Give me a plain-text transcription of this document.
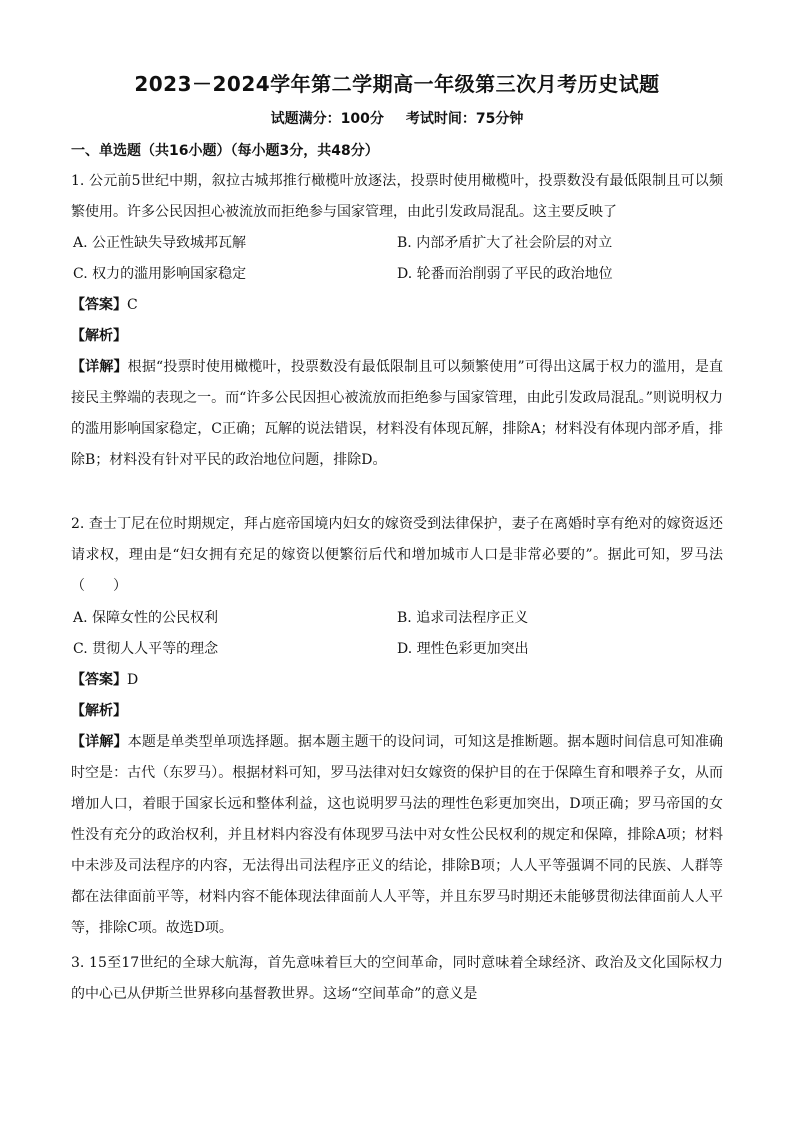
2023－2024学年第二学期高一年级第三次月考历史试题
试题满分：100分 考试时间：75分钟
一、单选题（共16小题）（每小题3分，共48分）
1. 公元前5世纪中期，叙拉古城邦推行橄榄叶放逐法，投票时使用橄榄叶，投票数没有最低限制且可以频繁使用。许多公民因担心被流放而拒绝参与国家管理，由此引发政局混乱。这主要反映了
A. 公正性缺失导致城邦瓦解	B. 内部矛盾扩大了社会阶层的对立
C. 权力的滥用影响国家稳定	D. 轮番而治削弱了平民的政治地位
【答案】C
【解析】
【详解】根据“投票时使用橄榄叶，投票数没有最低限制且可以频繁使用”可得出这属于权力的滥用，是直接民主弊端的表现之一。而“许多公民因担心被流放而拒绝参与国家管理，由此引发政局混乱。”则说明权力的滥用影响国家稳定，C正确；瓦解的说法错误，材料没有体现瓦解，排除A；材料没有体现内部矛盾，排除B；材料没有针对平民的政治地位问题，排除D。
2. 查士丁尼在位时期规定，拜占庭帝国境内妇女的嫁资受到法律保护，妻子在离婚时享有绝对的嫁资返还请求权，理由是“妇女拥有充足的嫁资以便繁衍后代和增加城市人口是非常必要的”。据此可知，罗马法（　　）
A. 保障女性的公民权利	B. 追求司法程序正义
C. 贯彻人人平等的理念	D. 理性色彩更加突出
【答案】D
【解析】
【详解】本题是单类型单项选择题。据本题主题干的设问词，可知这是推断题。据本题时间信息可知准确时空是：古代（东罗马）。根据材料可知，罗马法律对妇女嫁资的保护目的在于保障生育和喂养子女，从而增加人口，着眼于国家长远和整体利益，这也说明罗马法的理性色彩更加突出，D项正确；罗马帝国的女性没有充分的政治权利，并且材料内容没有体现罗马法中对女性公民权利的规定和保障，排除A项；材料中未涉及司法程序的内容，无法得出司法程序正义的结论，排除B项；人人平等强调不同的民族、人群等都在法律面前平等，材料内容不能体现法律面前人人平等，并且东罗马时期还未能够贯彻法律面前人人平等，排除C项。故选D项。
3. 15至17世纪的全球大航海，首先意味着巨大的空间革命，同时意味着全球经济、政治及文化国际权力的中心已从伊斯兰世界移向基督教世界。这场“空间革命”的意义是
